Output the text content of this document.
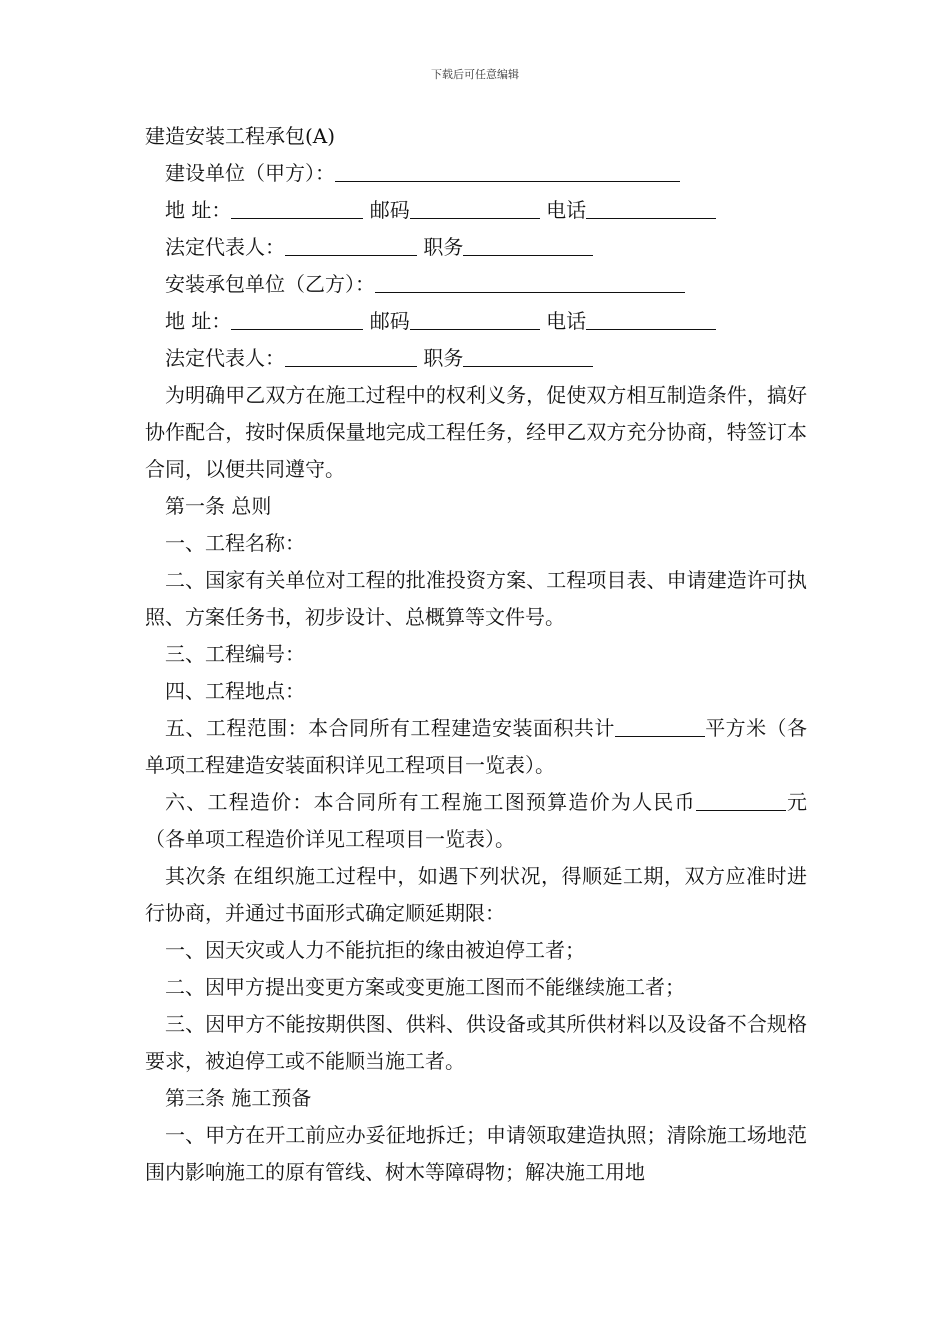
下载后可任意编辑
建造安装工程承包(A)
建设单位（甲方）：
地 址：	邮码	电话
法定代表人：	职务
安装承包单位（乙方）：
地 址：	邮码	电话
法定代表人：	职务
为明确甲乙双方在施工过程中的权利义务，促使双方相互制造条件，搞好协作配合，按时保质保量地完成工程任务，经甲乙双方充分协商，特签订本合同，以便共同遵守。
第一条 总则
一、工程名称：
二、国家有关单位对工程的批准投资方案、工程项目表、申请建造许可执照、方案任务书，初步设计、总概算等文件号。
三、工程编号：
四、工程地点：
五、工程范围：本合同所有工程建造安装面积共计	平方米（各单项工程建造安装面积详见工程项目一览表）。
六、工程造价：本合同所有工程施工图预算造价为人民币	元（各单项工程造价详见工程项目一览表）。
其次条 在组织施工过程中，如遇下列状况，得顺延工期，双方应准时进行协商，并通过书面形式确定顺延期限：
一、因天灾或人力不能抗拒的缘由被迫停工者；
二、因甲方提出变更方案或变更施工图而不能继续施工者；
三、因甲方不能按期供图、供料、供设备或其所供材料以及设备不合规格要求，被迫停工或不能顺当施工者。
第三条 施工预备
一、甲方在开工前应办妥征地拆迁；申请领取建造执照；清除施工场地范围内影响施工的原有管线、树木等障碍物；解决施工用地
